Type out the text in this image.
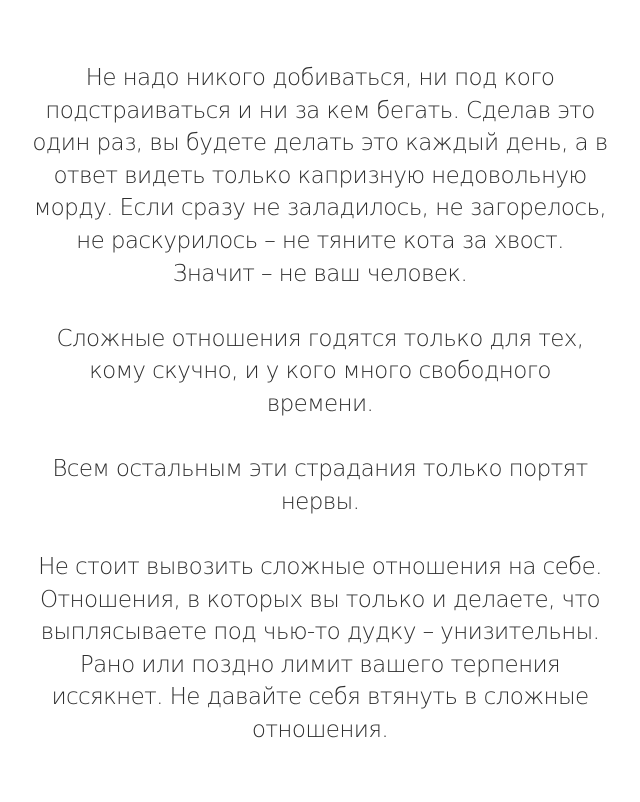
Не надо никого добиваться, ни под кого
подстраиваться и ни за кем бегать. Сделав это
один раз, вы будете делать это каждый день, а в
ответ видеть только капризную недовольную
морду. Если сразу не заладилось, не загорелось,
не раскурилось – не тяните кота за хвост.
Значит – не ваш человек.

Сложные отношения годятся только для тех,
кому скучно, и у кого много свободного
времени.

Всем остальным эти страдания только портят
нервы.

Не стоит вывозить сложные отношения на себе.
Отношения, в которых вы только и делаете, что
выплясываете под чью-то дудку – унизительны.
Рано или поздно лимит вашего терпения
иссякнет. Не давайте себя втянуть в сложные
отношения.
